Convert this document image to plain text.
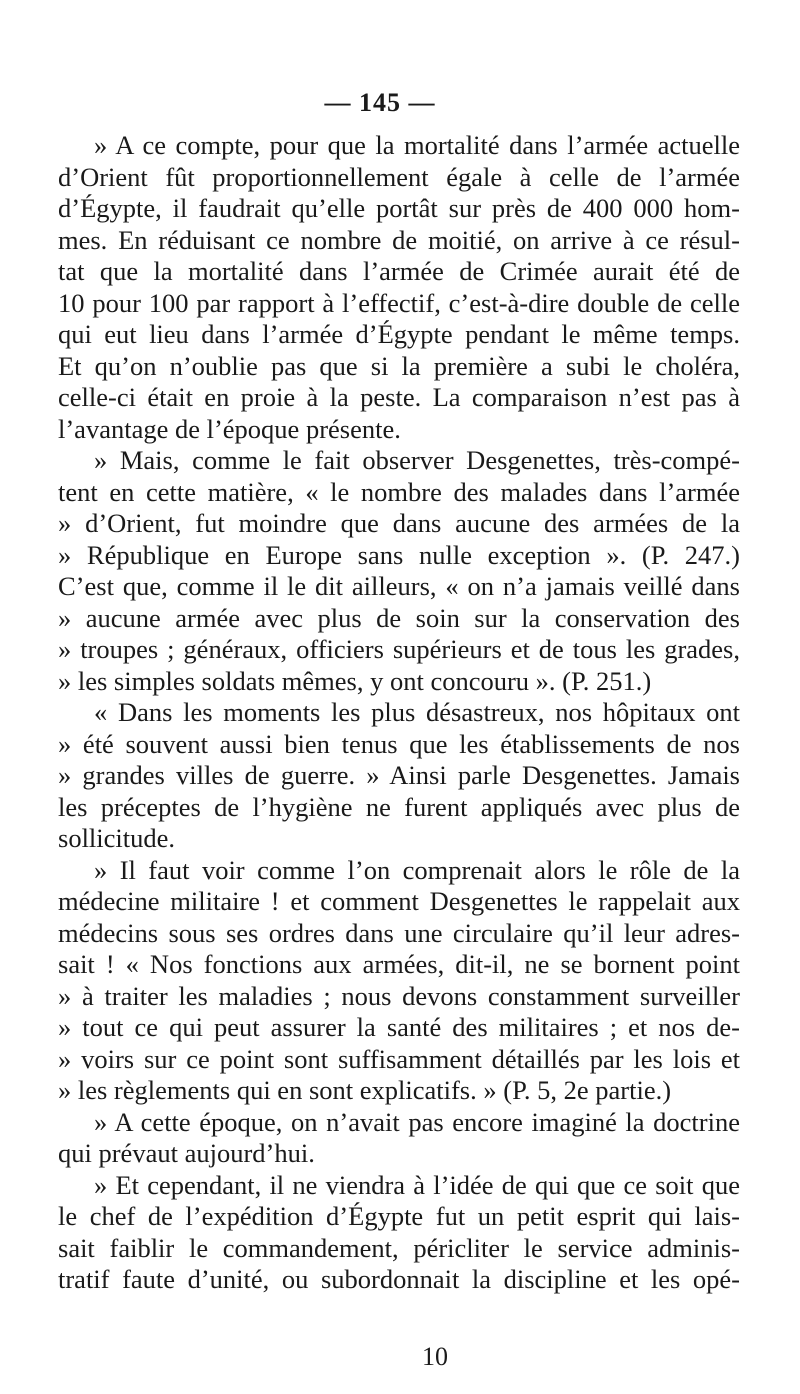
— 145 —
» A ce compte, pour que la mortalité dans l’armée actuelle
d’Orient fût proportionnellement égale à celle de l’armée
d’Égypte, il faudrait qu’elle portât sur près de 400 000 hom-
mes. En réduisant ce nombre de moitié, on arrive à ce résul-
tat que la mortalité dans l’armée de Crimée aurait été de
10 pour 100 par rapport à l’effectif, c’est-à-dire double de celle
qui eut lieu dans l’armée d’Égypte pendant le même temps.
Et qu’on n’oublie pas que si la première a subi le choléra,
celle-ci était en proie à la peste. La comparaison n’est pas à
l’avantage de l’époque présente.
» Mais, comme le fait observer Desgenettes, très-compé-
tent en cette matière, « le nombre des malades dans l’armée
» d’Orient, fut moindre que dans aucune des armées de la
» République en Europe sans nulle exception ». (P. 247.)
C’est que, comme il le dit ailleurs, « on n’a jamais veillé dans
» aucune armée avec plus de soin sur la conservation des
» troupes ; généraux, officiers supérieurs et de tous les grades,
» les simples soldats mêmes, y ont concouru ». (P. 251.)
« Dans les moments les plus désastreux, nos hôpitaux ont
» été souvent aussi bien tenus que les établissements de nos
» grandes villes de guerre. » Ainsi parle Desgenettes. Jamais
les préceptes de l’hygiène ne furent appliqués avec plus de
sollicitude.
» Il faut voir comme l’on comprenait alors le rôle de la
médecine militaire ! et comment Desgenettes le rappelait aux
médecins sous ses ordres dans une circulaire qu’il leur adres-
sait ! « Nos fonctions aux armées, dit-il, ne se bornent point
» à traiter les maladies ; nous devons constamment surveiller
» tout ce qui peut assurer la santé des militaires ; et nos de-
» voirs sur ce point sont suffisamment détaillés par les lois et
» les règlements qui en sont explicatifs. » (P. 5, 2e partie.)
» A cette époque, on n’avait pas encore imaginé la doctrine
qui prévaut aujourd’hui.
» Et cependant, il ne viendra à l’idée de qui que ce soit que
le chef de l’expédition d’Égypte fut un petit esprit qui lais-
sait faiblir le commandement, péricliter le service adminis-
tratif faute d’unité, ou subordonnait la discipline et les opé-
10
